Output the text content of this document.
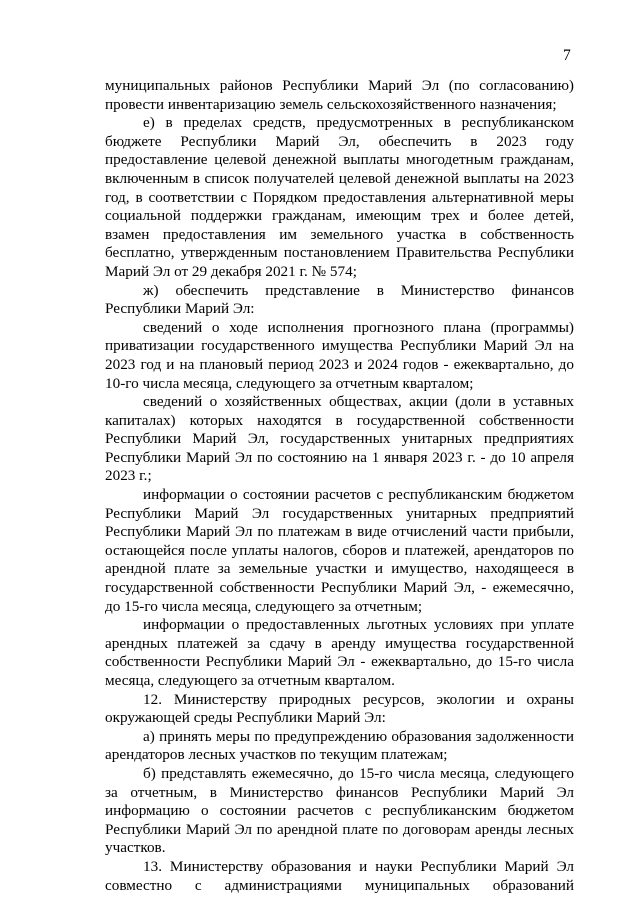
7

муниципальных районов Республики Марий Эл (по согласованию) провести инвентаризацию земель сельскохозяйственного назначения;

е) в пределах средств, предусмотренных в республиканском бюджете Республики Марий Эл, обеспечить в 2023 году предоставление целевой денежной выплаты многодетным гражданам, включенным в список получателей целевой денежной выплаты на 2023 год, в соответствии с Порядком предоставления альтернативной меры социальной поддержки гражданам, имеющим трех и более детей, взамен предоставления им земельного участка в собственность бесплатно, утвержденным постановлением Правительства Республики Марий Эл от 29 декабря 2021 г. № 574;

ж) обеспечить представление в Министерство финансов Республики Марий Эл:

сведений о ходе исполнения прогнозного плана (программы) приватизации государственного имущества Республики Марий Эл на 2023 год и на плановый период 2023 и 2024 годов - ежеквартально, до 10-го числа месяца, следующего за отчетным кварталом;

сведений о хозяйственных обществах, акции (доли в уставных капиталах) которых находятся в государственной собственности Республики Марий Эл, государственных унитарных предприятиях Республики Марий Эл по состоянию на 1 января 2023 г. - до 10 апреля 2023 г.;

информации о состоянии расчетов с республиканским бюджетом Республики Марий Эл государственных унитарных предприятий Республики Марий Эл по платежам в виде отчислений части прибыли, остающейся после уплаты налогов, сборов и платежей, арендаторов по арендной плате за земельные участки и имущество, находящееся в государственной собственности Республики Марий Эл, - ежемесячно, до 15-го числа месяца, следующего за отчетным;

информации о предоставленных льготных условиях при уплате арендных платежей за сдачу в аренду имущества государственной собственности Республики Марий Эл - ежеквартально, до 15-го числа месяца, следующего за отчетным кварталом.

12. Министерству природных ресурсов, экологии и охраны окружающей среды Республики Марий Эл:

а) принять меры по предупреждению образования задолженности арендаторов лесных участков по текущим платежам;

б) представлять ежемесячно, до 15-го числа месяца, следующего за отчетным, в Министерство финансов Республики Марий Эл информацию о состоянии расчетов с республиканским бюджетом Республики Марий Эл по арендной плате по договорам аренды лесных участков.

13. Министерству образования и науки Республики Марий Эл совместно с администрациями муниципальных образований
